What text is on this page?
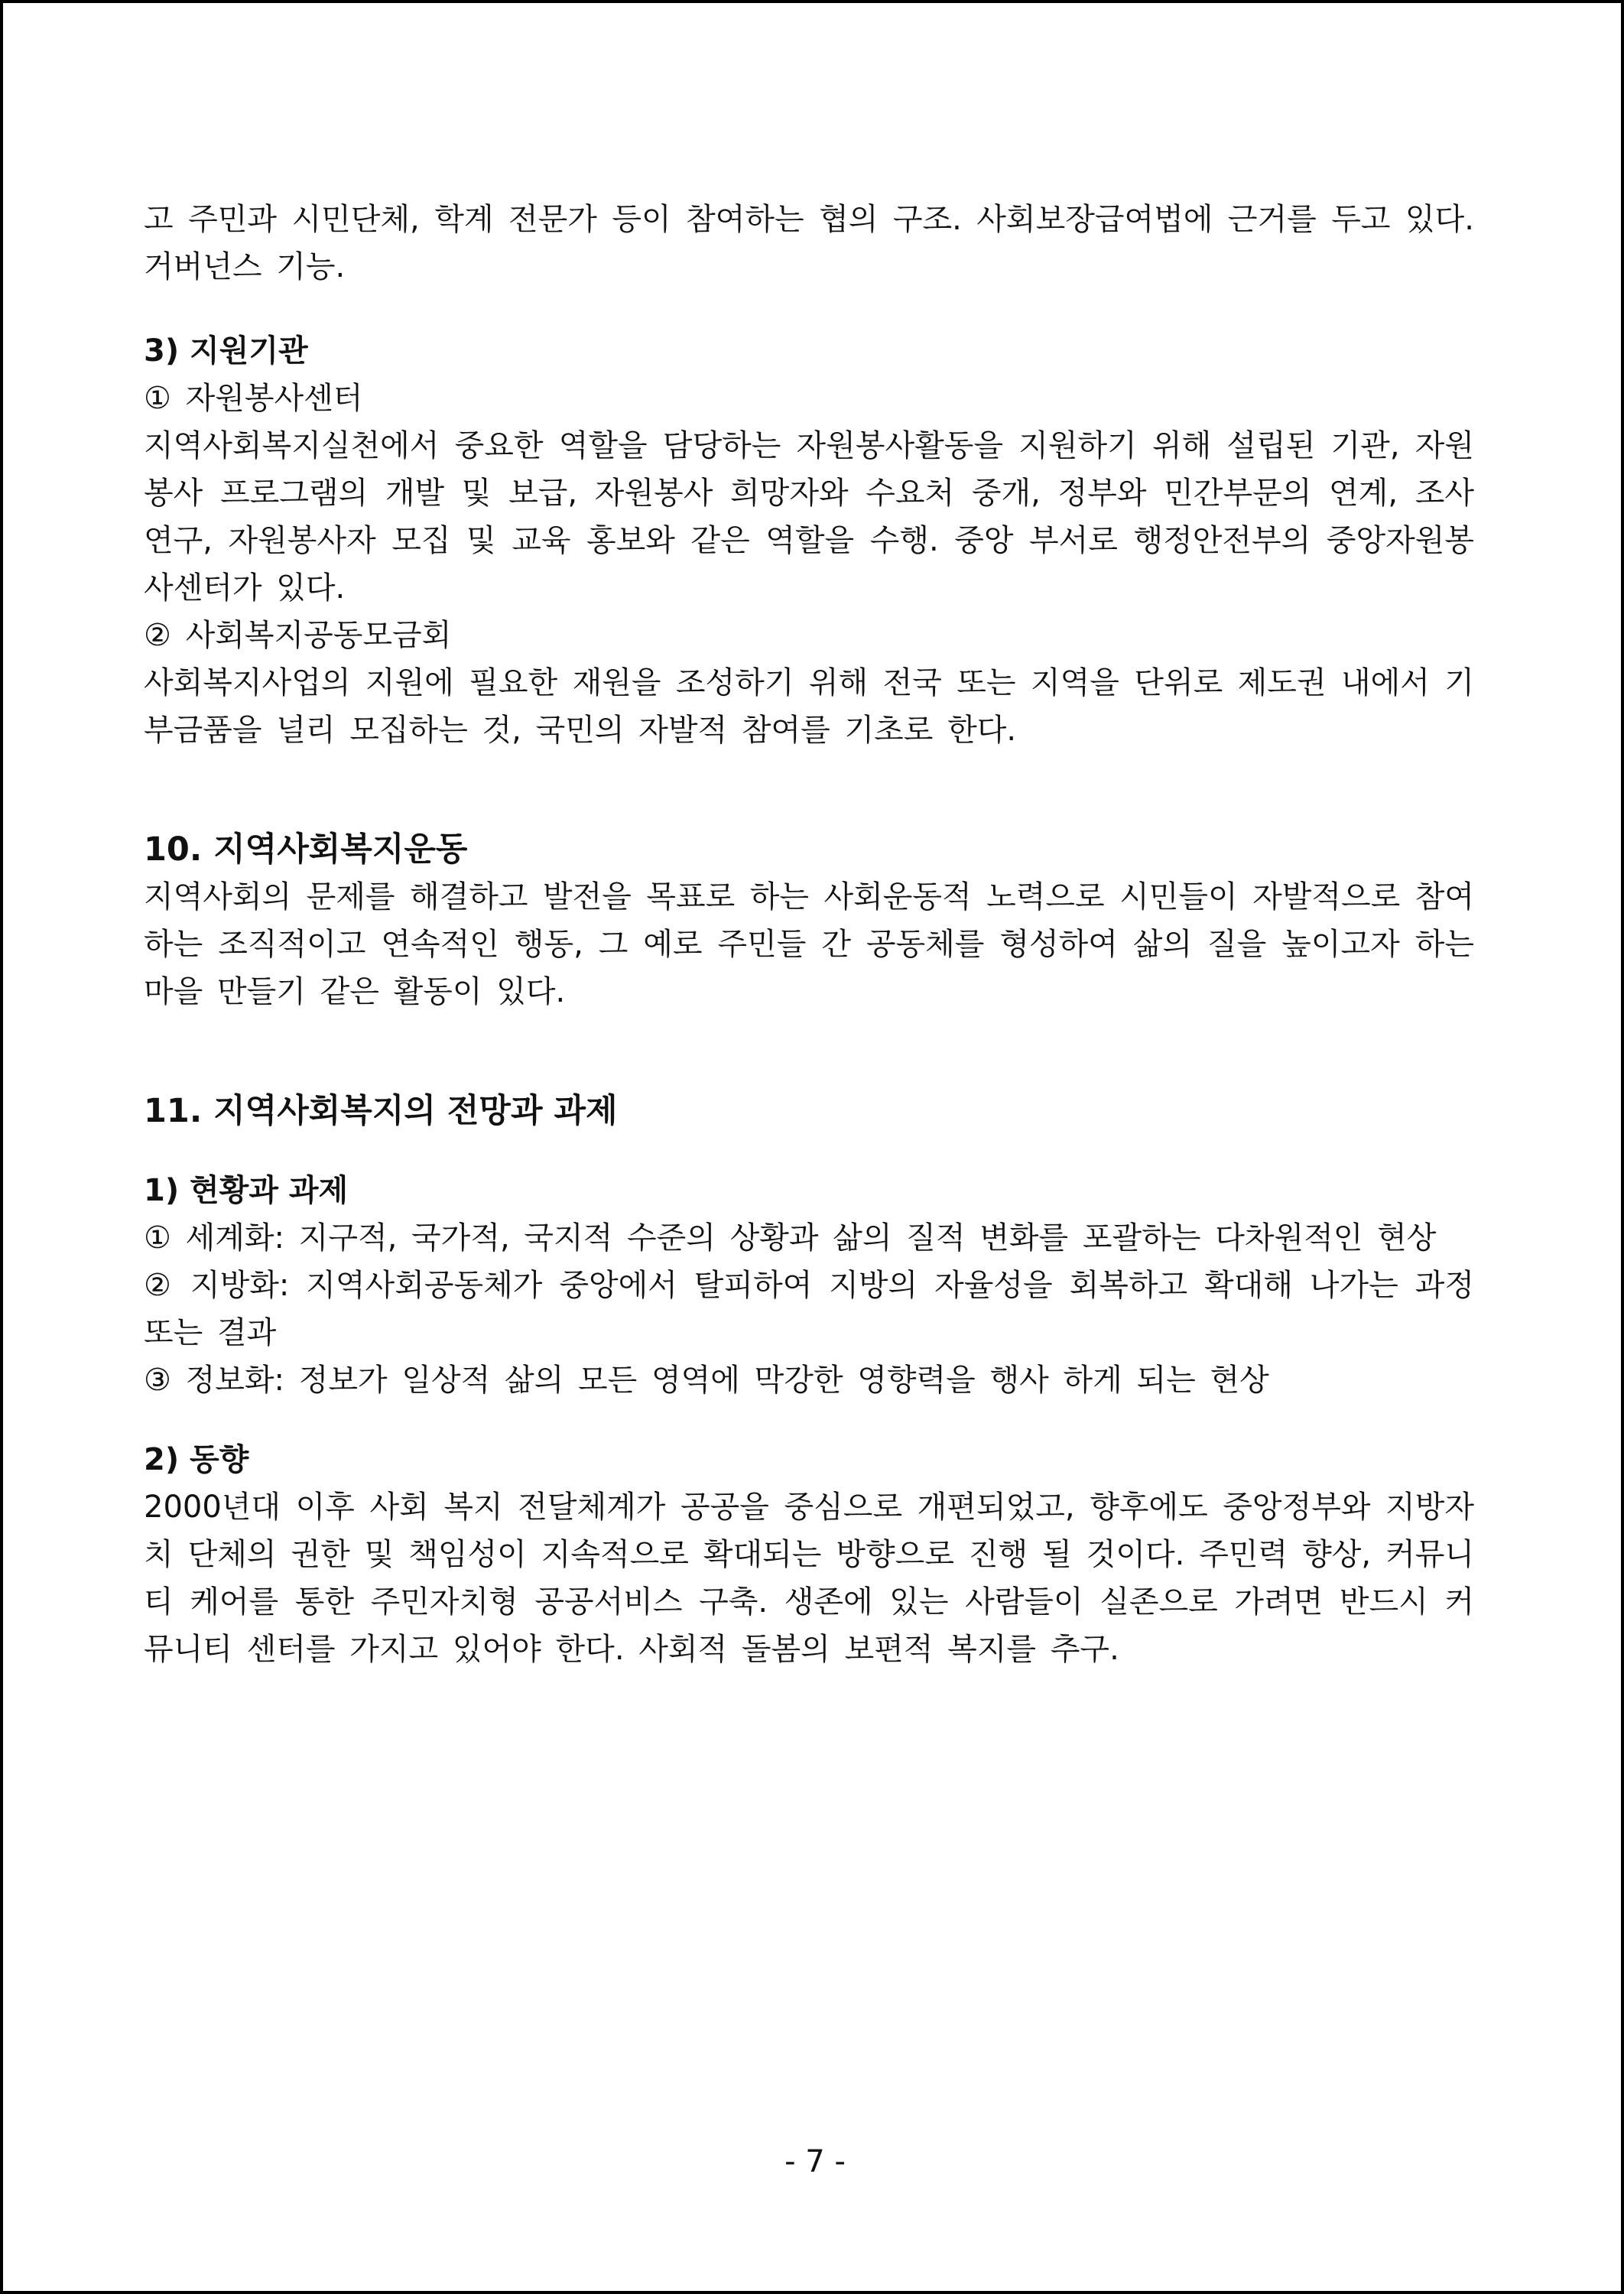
고 주민과 시민단체, 학계 전문가 등이 참여하는 협의 구조. 사회보장급여법에 근거를 두고 있다. 거버넌스 기능.

3) 지원기관

① 자원봉사센터

지역사회복지실천에서 중요한 역할을 담당하는 자원봉사활동을 지원하기 위해 설립된 기관, 자원봉사 프로그램의 개발 및 보급, 자원봉사 희망자와 수요처 중개, 정부와 민간부문의 연계, 조사 연구, 자원봉사자 모집 및 교육 홍보와 같은 역할을 수행. 중앙 부서로 행정안전부의 중앙자원봉사센터가 있다.

② 사회복지공동모금회

사회복지사업의 지원에 필요한 재원을 조성하기 위해 전국 또는 지역을 단위로 제도권 내에서 기부금품을 널리 모집하는 것, 국민의 자발적 참여를 기초로 한다.

10. 지역사회복지운동

지역사회의 문제를 해결하고 발전을 목표로 하는 사회운동적 노력으로 시민들이 자발적으로 참여하는 조직적이고 연속적인 행동, 그 예로 주민들 간 공동체를 형성하여 삶의 질을 높이고자 하는 마을 만들기 같은 활동이 있다.

11. 지역사회복지의 전망과 과제

1) 현황과 과제

① 세계화: 지구적, 국가적, 국지적 수준의 상황과 삶의 질적 변화를 포괄하는 다차원적인 현상

② 지방화: 지역사회공동체가 중앙에서 탈피하여 지방의 자율성을 회복하고 확대해 나가는 과정 또는 결과

③ 정보화: 정보가 일상적 삶의 모든 영역에 막강한 영향력을 행사 하게 되는 현상

2) 동향

2000년대 이후 사회 복지 전달체계가 공공을 중심으로 개편되었고, 향후에도 중앙정부와 지방자치 단체의 권한 및 책임성이 지속적으로 확대되는 방향으로 진행 될 것이다. 주민력 향상, 커뮤니티 케어를 통한 주민자치형 공공서비스 구축. 생존에 있는 사람들이 실존으로 가려면 반드시 커뮤니티 센터를 가지고 있어야 한다. 사회적 돌봄의 보편적 복지를 추구.

- 7 -
